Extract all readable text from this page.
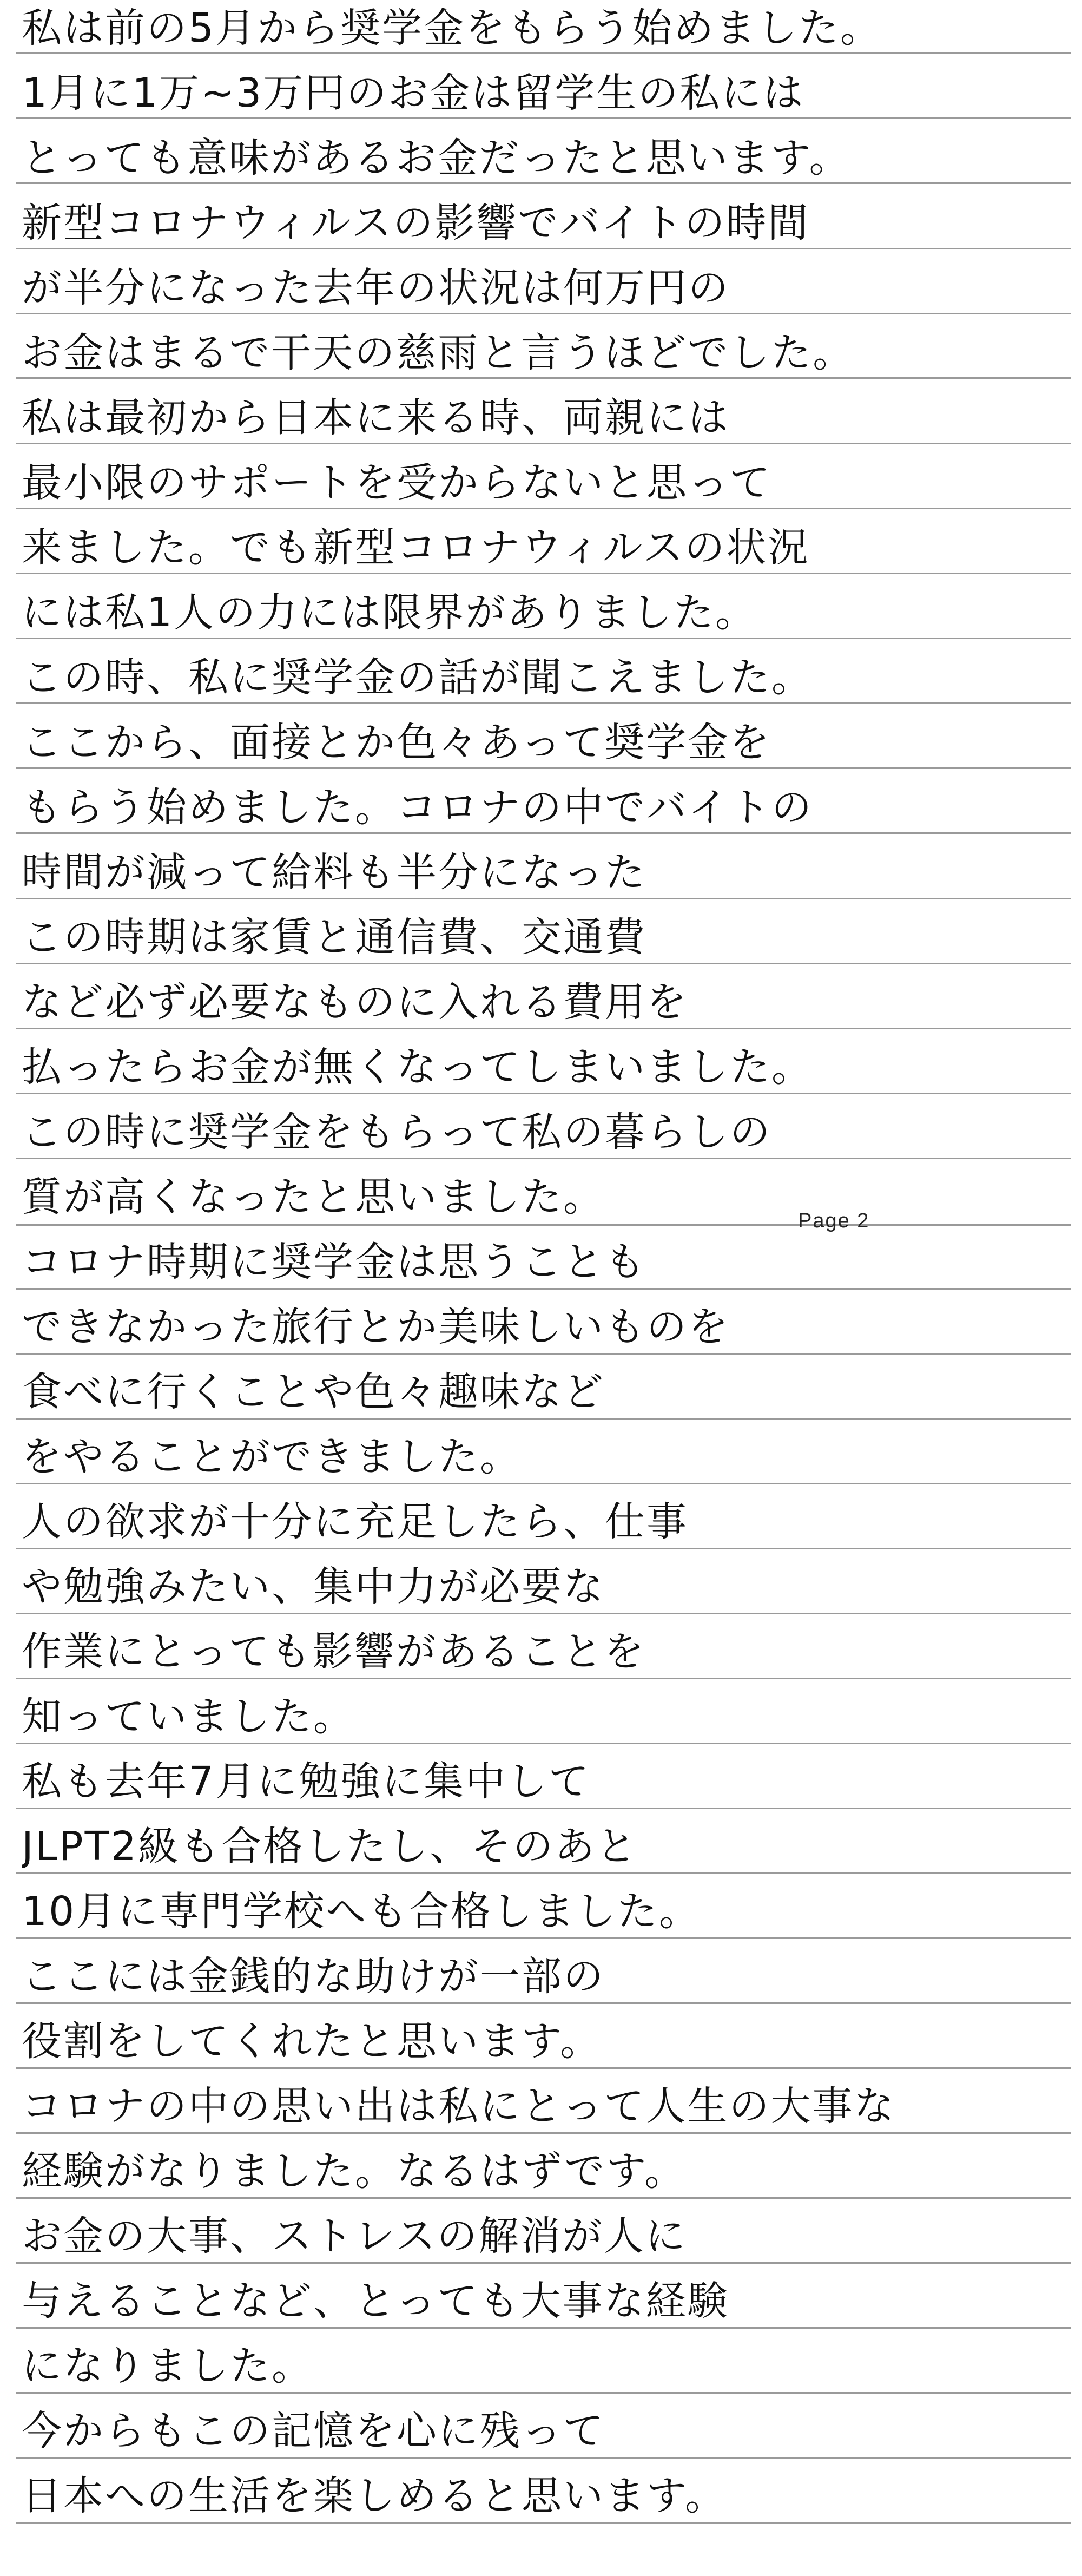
私は前の5月から奨学金をもらう始めました。
1月に1万~3万円のお金は留学生の私には
とっても意味があるお金だったと思います。
新型コロナウィルスの影響でバイトの時間
が半分になった去年の状況は何万円の
お金はまるで干天の慈雨と言うほどでした。
私は最初から日本に来る時、両親には
最小限のサポートを受からないと思って
来ました。でも新型コロナウィルスの状況
には私1人の力には限界がありました。
この時、私に奨学金の話が聞こえました。
ここから、面接とか色々あって奨学金を
もらう始めました。コロナの中でバイトの
時間が減って給料も半分になった
この時期は家賃と通信費、交通費
など必ず必要なものに入れる費用を
払ったらお金が無くなってしまいました。
この時に奨学金をもらって私の暮らしの
質が高くなったと思いました。
コロナ時期に奨学金は思うことも
できなかった旅行とか美味しいものを
食べに行くことや色々趣味など
をやることができました。
人の欲求が十分に充足したら、仕事
や勉強みたい、集中力が必要な
作業にとっても影響があることを
知っていました。
私も去年7月に勉強に集中して
JLPT2級も合格したし、そのあと
10月に専門学校へも合格しました。
ここには金銭的な助けが一部の
役割をしてくれたと思います。
コロナの中の思い出は私にとって人生の大事な
経験がなりました。なるはずです。
お金の大事、ストレスの解消が人に
与えることなど、とっても大事な経験
になりました。
今からもこの記憶を心に残って
日本への生活を楽しめると思います。
Page 2
